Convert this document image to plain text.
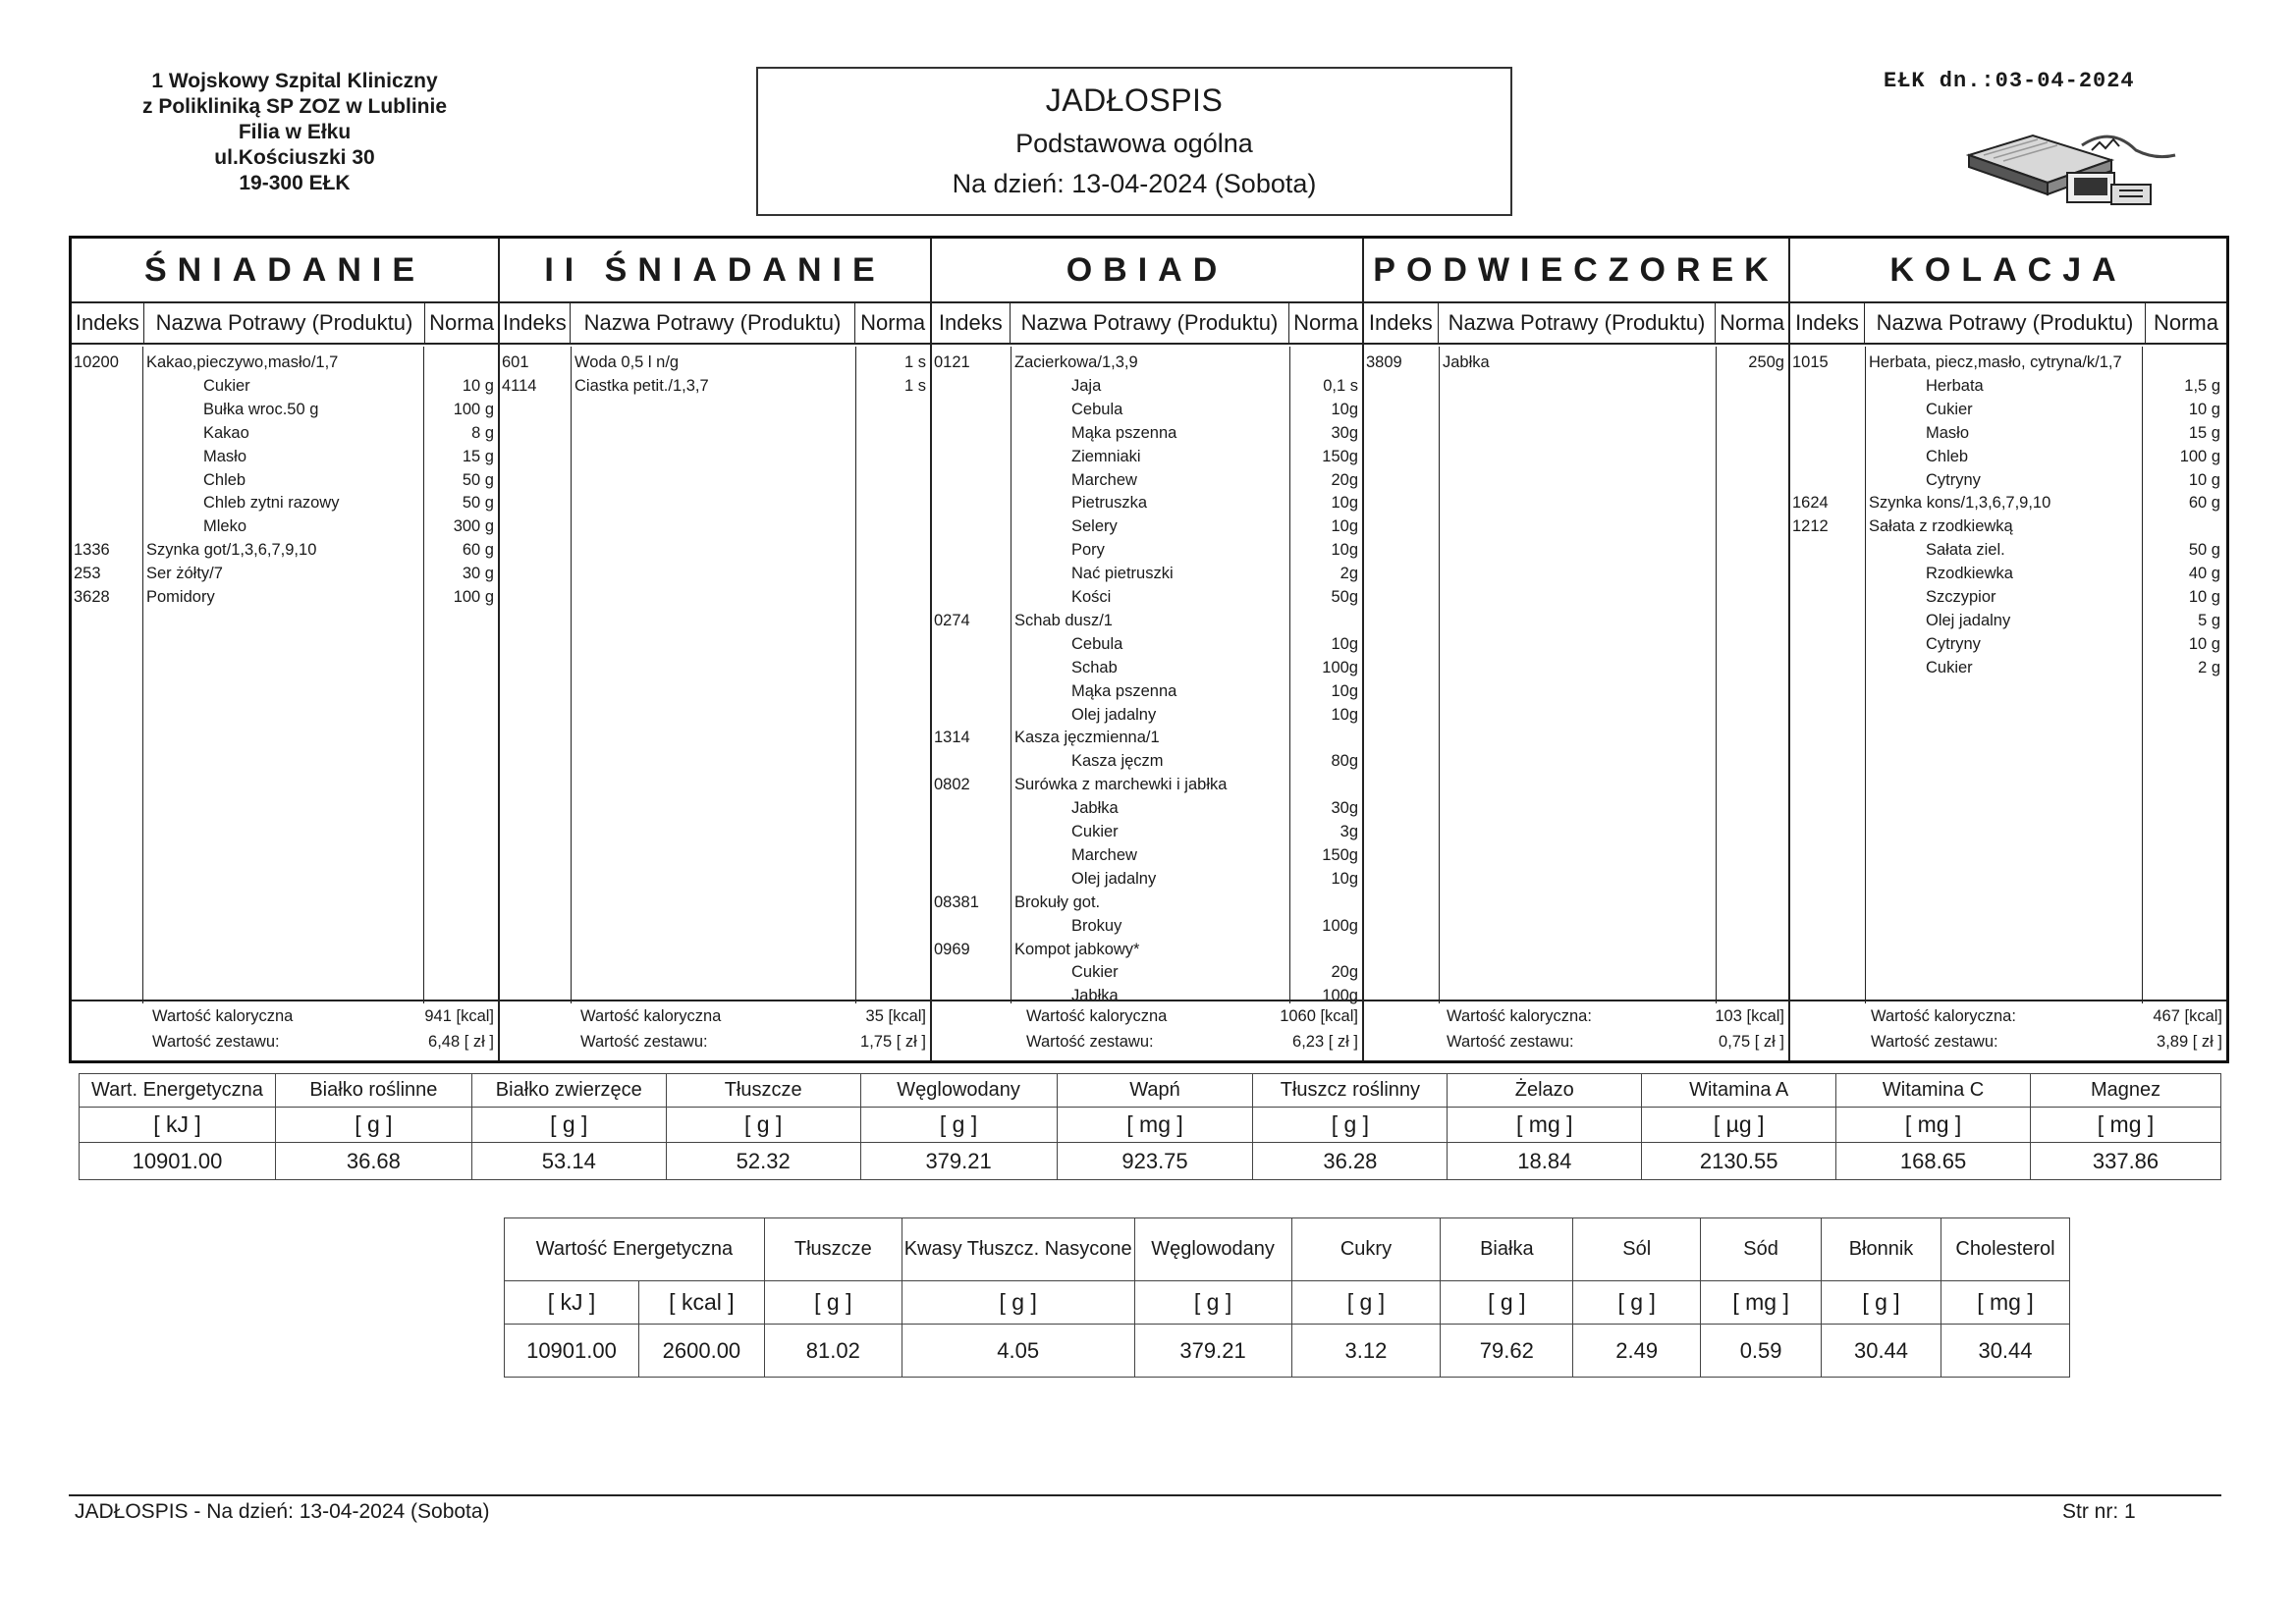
1 Wojskowy Szpital Kliniczny
z Polikliniką SP ZOZ w Lublinie
Filia w Ełku
ul.Kościuszki 30
19-300 EŁK
JADŁOSPIS
Podstawowa ogólna
Na dzień: 13-04-2024 (Sobota)
EŁK dn.:03-04-2024
ŚNIADANIE
Indeks Nazwa Potrawy (Produktu) Norma
10200 Kakao,pieczywo,masło/1,7
Cukier	10 g
Bułka wroc.50 g	100 g
Kakao	8 g
Masło	15 g
Chleb	50 g
Chleb zytni razowy	50 g
Mleko	300 g
1336 Szynka got/1,3,6,7,9,10	60 g
253	Ser żółty/7	30 g
3628 Pomidory	100 g
Wartość kaloryczna	941 [kcal]
Wartość zestawu:	6,48 [ zł ]
II ŚNIADANIE
Indeks Nazwa Potrawy (Produktu) Norma
601	Woda 0,5 l n/g	1 s
4114 Ciastka petit./1,3,7	1 s
Wartość kaloryczna	35 [kcal]
Wartość zestawu:	1,75 [ zł ]
OBIAD
Indeks Nazwa Potrawy (Produktu) Norma
0121	Zacierkowa/1,3,9
Jaja	0,1 s
Cebula	10g
Mąka pszenna	30g
Ziemniaki	150g
Marchew	20g
Pietruszka	10g
Selery	10g
Pory	10g
Nać pietruszki	2g
Kości	50g
0274	Schab dusz/1
Cebula	10g
Schab	100g
Mąka pszenna	10g
Olej jadalny	10g
1314	Kasza jęczmienna/1
Kasza jęczm	80g
0802	Surówka z marchewki i jabłka
Jabłka	30g
Cukier	3g
Marchew	150g
Olej jadalny	10g
08381 Brokuły got.
Brokuy	100g
0969	Kompot jabkowy*
Cukier	20g
Jabłka	100g
Wartość kaloryczna	1060 [kcal]
Wartość zestawu:	6,23 [ zł ]
PODWIECZOREK
Indeks Nazwa Potrawy (Produktu) Norma
3809	Jabłka	250g
Wartość kaloryczna:	103 [kcal]
Wartość zestawu:	0,75 [ zł ]
KOLACJA
Indeks Nazwa Potrawy (Produktu) Norma
1015	Herbata, piecz,masło, cytryna/k/1,7
Herbata	1,5 g
Cukier	10 g
Masło	15 g
Chleb	100 g
Cytryny	10 g
1624	Szynka kons/1,3,6,7,9,10	60 g
1212	Sałata z rzodkiewką
Sałata ziel.	50 g
Rzodkiewka	40 g
Szczypior	10 g
Olej jadalny	5 g
Cytryny	10 g
Cukier	2 g
Wartość kaloryczna:	467 [kcal]
Wartość zestawu:	3,89 [ zł ]
Wart. Energetyczna	Białko roślinne	Białko zwierzęce	Tłuszcze	Węglowodany	Wapń	Tłuszcz roślinny	Żelazo	Witamina A	Witamina C	Magnez
[ kJ ]	[ g ]	[ g ]	[ g ]	[ g ]	[ mg ]	[ g ]	[ mg ]	[ µg ]	[ mg ]	[ mg ]
10901.00	36.68	53.14	52.32	379.21	923.75	36.28	18.84	2130.55	168.65	337.86
Wartość Energetyczna		Tłuszcze	Kwasy Tłuszcz. Nasycone	Węglowodany	Cukry	Białka	Sól	Sód	Błonnik	Cholesterol
[ kJ ]	[ kcal ]	[ g ]	[ g ]	[ g ]	[ g ]	[ g ]	[ g ]	[ mg ]	[ g ]	[ mg ]
10901.00	2600.00	81.02	4.05	379.21	3.12	79.62	2.49	0.59	30.44	30.44
JADŁOSPIS - Na dzień: 13-04-2024 (Sobota)	Str nr: 1
